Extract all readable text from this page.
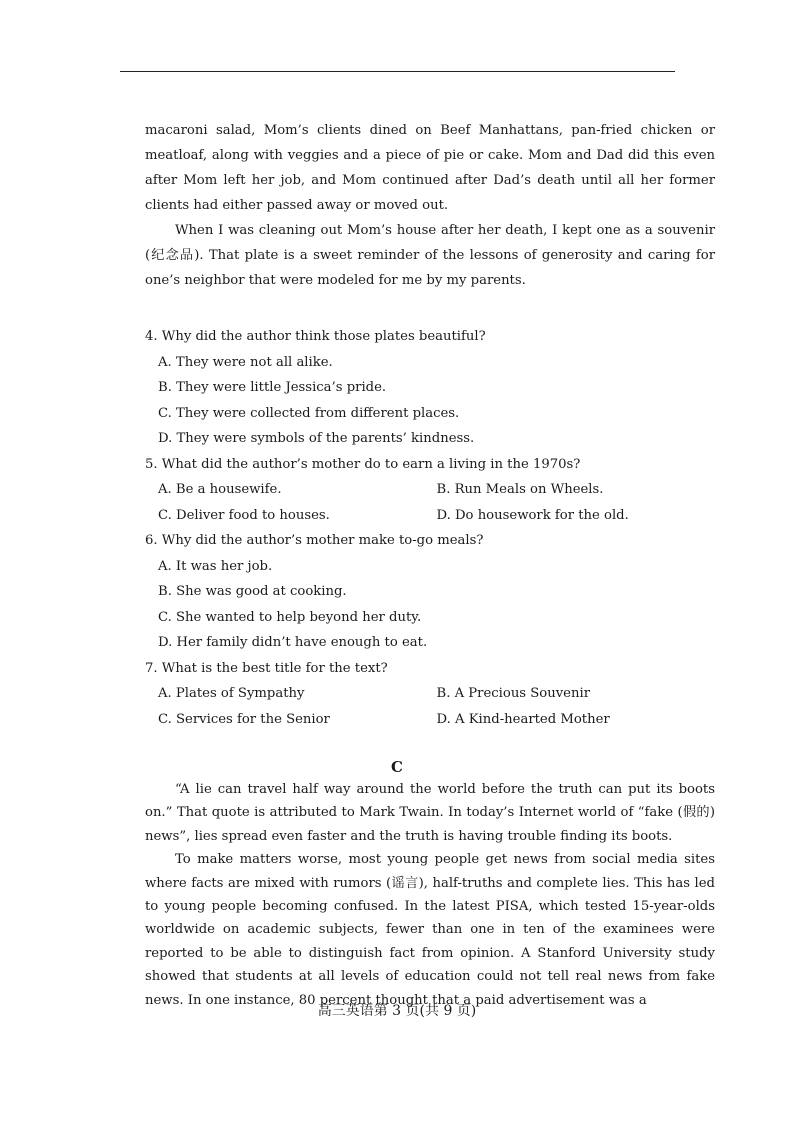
macaroni salad, Mom’s clients dined on Beef Manhattans, pan-fried chicken or meatloaf, along with veggies and a piece of pie or cake. Mom and Dad did this even after Mom left her job, and Mom continued after Dad’s death until all her former clients had either passed away or moved out.

When I was cleaning out Mom’s house after her death, I kept one as a souvenir (纪念品). That plate is a sweet reminder of the lessons of generosity and caring for one’s neighbor that were modeled for me by my parents.

4. Why did the author think those plates beautiful?
A. They were not all alike.
B. They were little Jessica’s pride.
C. They were collected from different places.
D. They were symbols of the parents’ kindness.
5. What did the author’s mother do to earn a living in the 1970s?
A. Be a housewife.	B. Run Meals on Wheels.
C. Deliver food to houses.	D. Do housework for the old.
6. Why did the author’s mother make to-go meals?
A. It was her job.
B. She was good at cooking.
C. She wanted to help beyond her duty.
D. Her family didn’t have enough to eat.
7. What is the best title for the text?
A. Plates of Sympathy	B. A Precious Souvenir
C. Services for the Senior	D. A Kind-hearted Mother
C

“A lie can travel half way around the world before the truth can put its boots on.” That quote is attributed to Mark Twain. In today’s Internet world of “fake (假的) news”, lies spread even faster and the truth is having trouble finding its boots.

To make matters worse, most young people get news from social media sites where facts are mixed with rumors (谣言), half-truths and complete lies. This has led to young people becoming confused. In the latest PISA, which tested 15-year-olds worldwide on academic subjects, fewer than one in ten of the examinees were reported to be able to distinguish fact from opinion. A Stanford University study showed that students at all levels of education could not tell real news from fake news. In one instance, 80 percent thought that a paid advertisement was a

高三英语第 3 页(共 9 页)
